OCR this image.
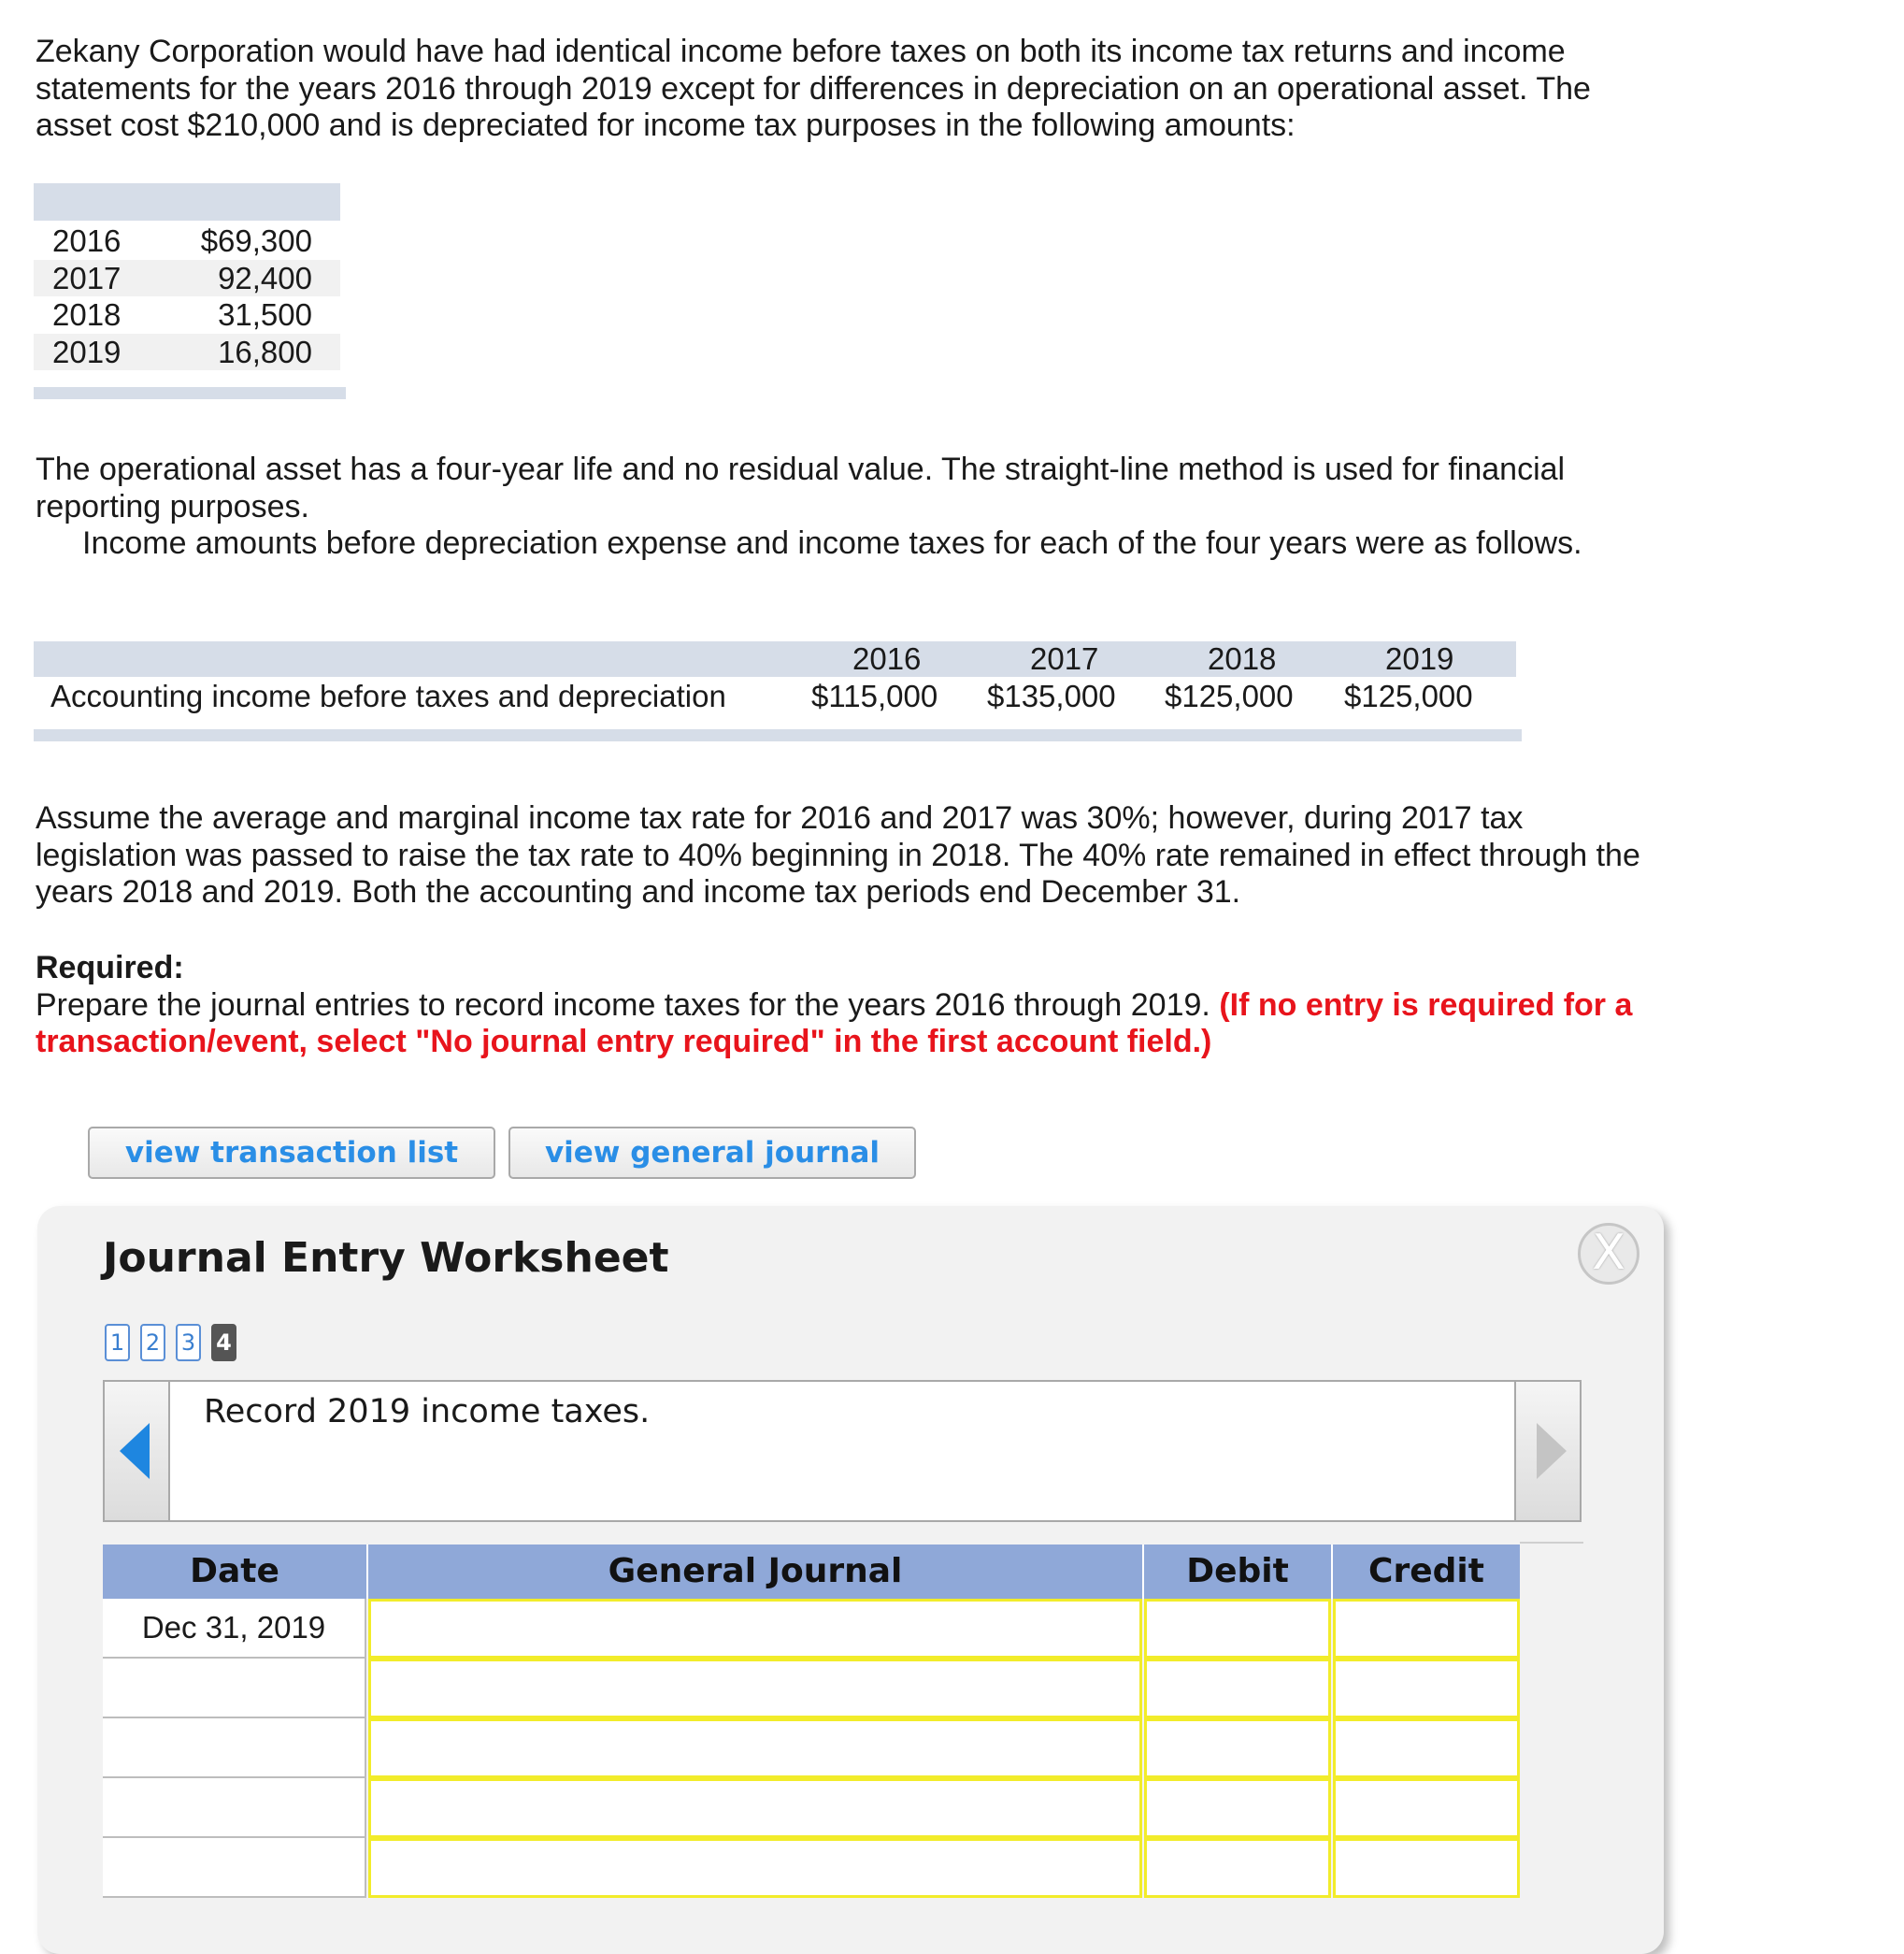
Zekany Corporation would have had identical income before taxes on both its income tax returns and income statements for the years 2016 through 2019 except for differences in depreciation on an operational asset. The asset cost $210,000 and is depreciated for income tax purposes in the following amounts:

2016	$69,300
2017	92,400
2018	31,500
2019	16,800

The operational asset has a four-year life and no residual value. The straight-line method is used for financial reporting purposes.
Income amounts before depreciation expense and income taxes for each of the four years were as follows.

2016	2017	2018	2019
Accounting income before taxes and depreciation	$115,000 $135,000 $125,000 $125,000

Assume the average and marginal income tax rate for 2016 and 2017 was 30%; however, during 2017 tax legislation was passed to raise the tax rate to 40% beginning in 2018. The 40% rate remained in effect through the years 2018 and 2019. Both the accounting and income tax periods end December 31.

Required:
Prepare the journal entries to record income taxes for the years 2016 through 2019. (If no entry is required for a transaction/event, select "No journal entry required" in the first account field.)

view transaction list	view general journal
Journal Entry Worksheet	X
1 2 3 4
Record 2019 income taxes.
Date	General Journal	Debit	Credit
Dec 31, 2019
